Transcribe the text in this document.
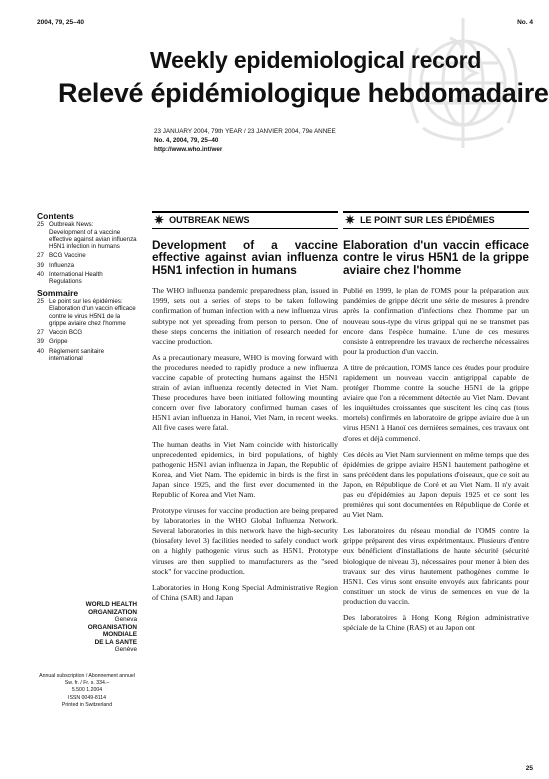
2004, 79, 25–40	No. 4
Weekly epidemiological record
Relevé épidémiologique hebdomadaire
23 JANUARY 2004, 79th YEAR / 23 JANVIER 2004, 79e ANNEE
No. 4, 2004, 79, 25–40
http://www.who.int/wer
Contents
25 Outbreak News:
Development of a vaccine effective against avian influenza H5N1 infection in humans
27 BCG Vaccine
39 Influenza
40 International Health Regulations
Sommaire
25 Le point sur les épidémies:
Elaboration d'un vaccin efficace contre le virus H5N1 de la grippe aviaire chez l'homme
27 Vaccin BCG
39 Grippe
40 Règlement sanitaire international
WORLD HEALTH
ORGANIZATION
Geneva
ORGANISATION MONDIALE
DE LA SANTE
Genève
Annual subscription / Abonnement annuel
Sw. fr. / Fr. s. 334.–
5.500 1.2004
ISSN 0049-8114
Printed in Switzerland
✷ OUTBREAK NEWS
Development of a vaccine effective against avian influenza H5N1 infection in humans

The WHO influenza pandemic preparedness plan, issued in 1999, sets out a series of steps to be taken following confirmation of human infection with a new influenza virus subtype not yet spreading from person to person. One of these steps concerns the initiation of research needed for vaccine production.

As a precautionary measure, WHO is moving forward with the procedures needed to rapidly produce a new influenza vaccine capable of protecting humans against the H5N1 strain of avian influenza recently detected in Viet Nam. These procedures have been initiated following mounting concern over five laboratory confirmed human cases of H5N1 avian influenza in Hanoi, Viet Nam, in recent weeks. All five cases were fatal.

The human deaths in Viet Nam coincide with historically unprecedented epidemics, in bird populations, of highly pathogenic H5N1 avian influenza in Japan, the Republic of Korea, and Viet Nam. The epidemic in birds is the first in Japan since 1925, and the first ever documented in the Republic of Korea and Viet Nam.

Prototype viruses for vaccine production are being prepared by laboratories in the WHO Global Influenza Network. Several laboratories in this network have the high-security (biosafety level 3) facilities needed to safely conduct work on a highly pathogenic virus such as H5N1. Prototype viruses are then supplied to manufacturers as the "seed stock" for vaccine production.

Laboratories in Hong Kong Special Administrative Region of China (SAR) and Japan

✷ LE POINT SUR LES ÉPIDÉMIES
Elaboration d'un vaccin efficace contre le virus H5N1 de la grippe aviaire chez l'homme

Publié en 1999, le plan de l'OMS pour la préparation aux pandémies de grippe décrit une série de mesures à prendre après la confirmation d'infections chez l'homme par un nouveau sous-type du virus grippal qui ne se transmet pas encore dans l'espèce humaine. L'une de ces mesures consiste à entreprendre les travaux de recherche nécessaires pour la production d'un vaccin.

A titre de précaution, l'OMS lance ces études pour produire rapidement un nouveau vaccin antigrippal capable de protéger l'homme contre la souche H5N1 de la grippe aviaire que l'on a récemment détectée au Viet Nam. Devant les inquiétudes croissantes que suscitent les cinq cas (tous mortels) confirmés en laboratoire de grippe aviaire due à un virus H5N1 à Hanoï ces dernières semaines, ces travaux ont d'ores et déjà commencé.

Ces décès au Viet Nam surviennent en même temps que des épidémies de grippe aviaire H5N1 hautement pathogène et sans précédent dans les populations d'oiseaux, que ce soit au Japon, en République de Coré et au Viet Nam. Il n'y avait pas eu d'épidémies au Japon depuis 1925 et ce sont les premières qui sont documentées en République de Corée et au Viet Nam.

Les laboratoires du réseau mondial de l'OMS contre la grippe préparent des virus expérimentaux. Plusieurs d'entre eux bénéficient d'installations de haute sécurité (sécurité biologique de niveau 3), nécessaires pour mener à bien des travaux sur des virus hautement pathogènes comme le H5N1. Ces virus sont ensuite envoyés aux fabricants pour constituer un stock de virus de semences en vue de la production du vaccin.

Des laboratoires à Hong Kong Région administrative spéciale de la Chine (RAS) et au Japon ont

25
